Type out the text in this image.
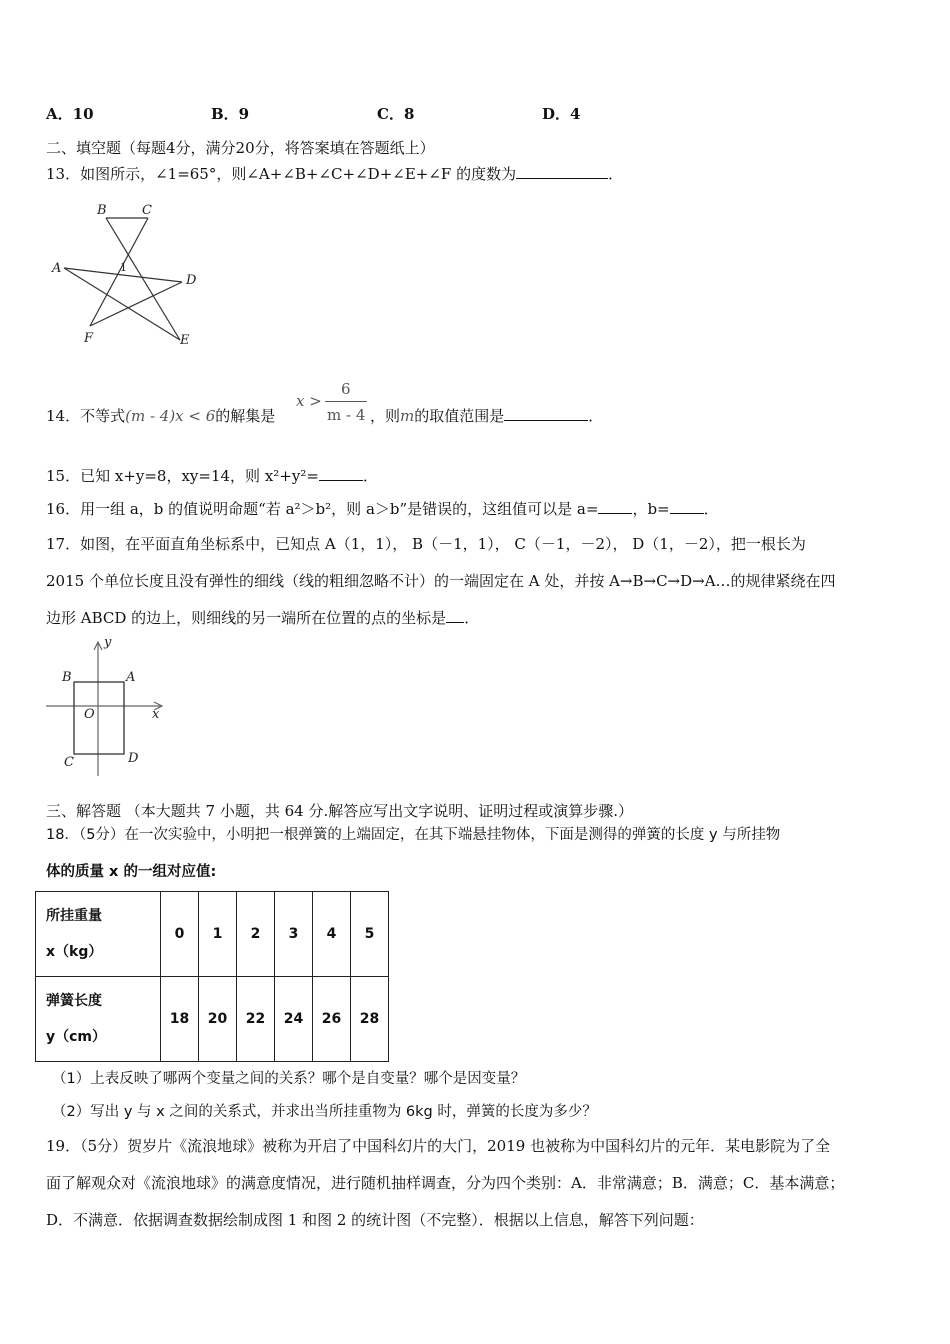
A．10	B．9	C．8	D．4
二、填空题（每题4分，满分20分，将答案填在答题纸上）
13．如图所示，∠1=65°，则∠A+∠B+∠C+∠D+∠E+∠F 的度数为	．
B	C
A	1
D
F	E
14．不等式(m - 4)x < 6的解集是
x >
6
m - 4 ，则m的取值范围是	．
15．已知 x+y=8，xy=14，则 x²+y²=	．
16．用一组 a，b 的值说明命题“若 a²＞b²，则 a＞b”是错误的，这组值可以是 a= ，b= ．
17．如图，在平面直角坐标系中，已知点 A（1，1）， B（－1，1）， C（－1，－2）， D（1，－2），把一根长为
2015 个单位长度且没有弹性的细线（线的粗细忽略不计）的一端固定在 A 处，并按 A→B→C→D→A…的规律紧绕在四
边形 ABCD 的边上，则细线的另一端所在位置的点的坐标是 ．
y
B	A
O	x
C	D
三、解答题 （本大题共 7 小题，共 64 分.解答应写出文字说明、证明过程或演算步骤.）
18．（5分）在一次实验中，小明把一根弹簧的上端固定，在其下端悬挂物体，下面是测得的弹簧的长度 y 与所挂物
体的质量 x 的一组对应值:
所挂重量
x（kg）	0	1	2	3	4	5

弹簧长度
y（cm）	18	20	22	24	26	28
（1）上表反映了哪两个变量之间的关系？哪个是自变量？哪个是因变量？
（2）写出 y 与 x 之间的关系式，并求出当所挂重物为 6kg 时，弹簧的长度为多少？
19．（5分）贺岁片《流浪地球》被称为开启了中国科幻片的大门，2019 也被称为中国科幻片的元年．某电影院为了全
面了解观众对《流浪地球》的满意度情况，进行随机抽样调查，分为四个类别：A．非常满意；B．满意；C．基本满意；
D．不满意．依据调查数据绘制成图 1 和图 2 的统计图（不完整）．根据以上信息，解答下列问题：
